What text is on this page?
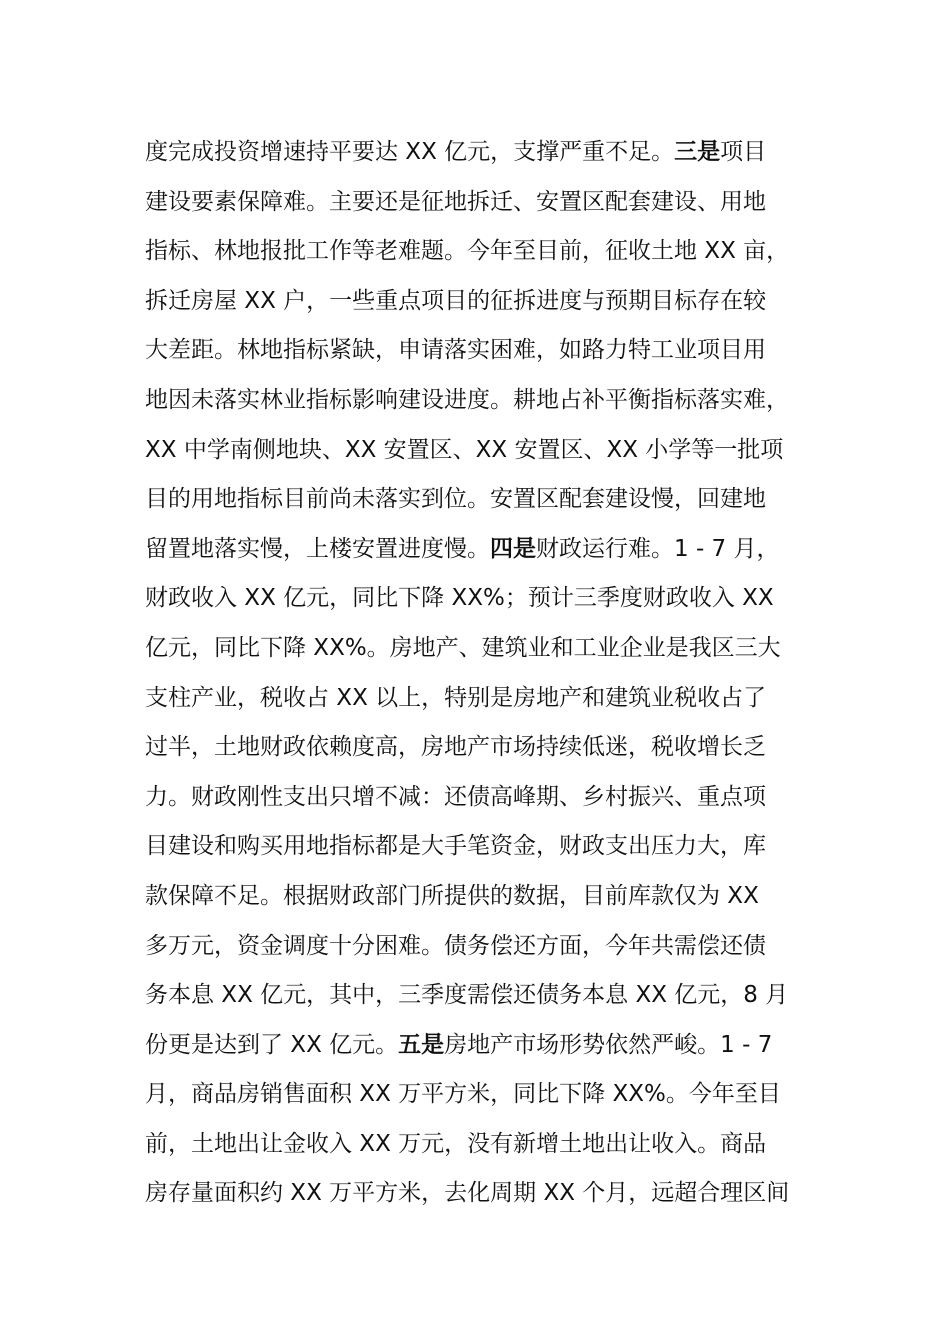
度完成投资增速持平要达 XX 亿元，支撑严重不足。三是项目
建设要素保障难。主要还是征地拆迁、安置区配套建设、用地
指标、林地报批工作等老难题。今年至目前，征收土地 XX 亩，
拆迁房屋 XX 户，一些重点项目的征拆进度与预期目标存在较
大差距。林地指标紧缺，申请落实困难，如路力特工业项目用
地因未落实林业指标影响建设进度。耕地占补平衡指标落实难，
XX 中学南侧地块、XX 安置区、XX 安置区、XX 小学等一批项
目的用地指标目前尚未落实到位。安置区配套建设慢，回建地
留置地落实慢，上楼安置进度慢。四是财政运行难。1 - 7 月，
财政收入 XX 亿元，同比下降 XX%；预计三季度财政收入 XX
亿元，同比下降 XX%。房地产、建筑业和工业企业是我区三大
支柱产业，税收占 XX 以上，特别是房地产和建筑业税收占了
过半，土地财政依赖度高，房地产市场持续低迷，税收增长乏
力。财政刚性支出只增不减：还债高峰期、乡村振兴、重点项
目建设和购买用地指标都是大手笔资金，财政支出压力大，库
款保障不足。根据财政部门所提供的数据，目前库款仅为 XX
多万元，资金调度十分困难。债务偿还方面，今年共需偿还债
务本息 XX 亿元，其中，三季度需偿还债务本息 XX 亿元，8 月
份更是达到了 XX 亿元。五是房地产市场形势依然严峻。1 - 7
月，商品房销售面积 XX 万平方米，同比下降 XX%。今年至目
前，土地出让金收入 XX 万元，没有新增土地出让收入。商品
房存量面积约 XX 万平方米，去化周期 XX 个月，远超合理区间
